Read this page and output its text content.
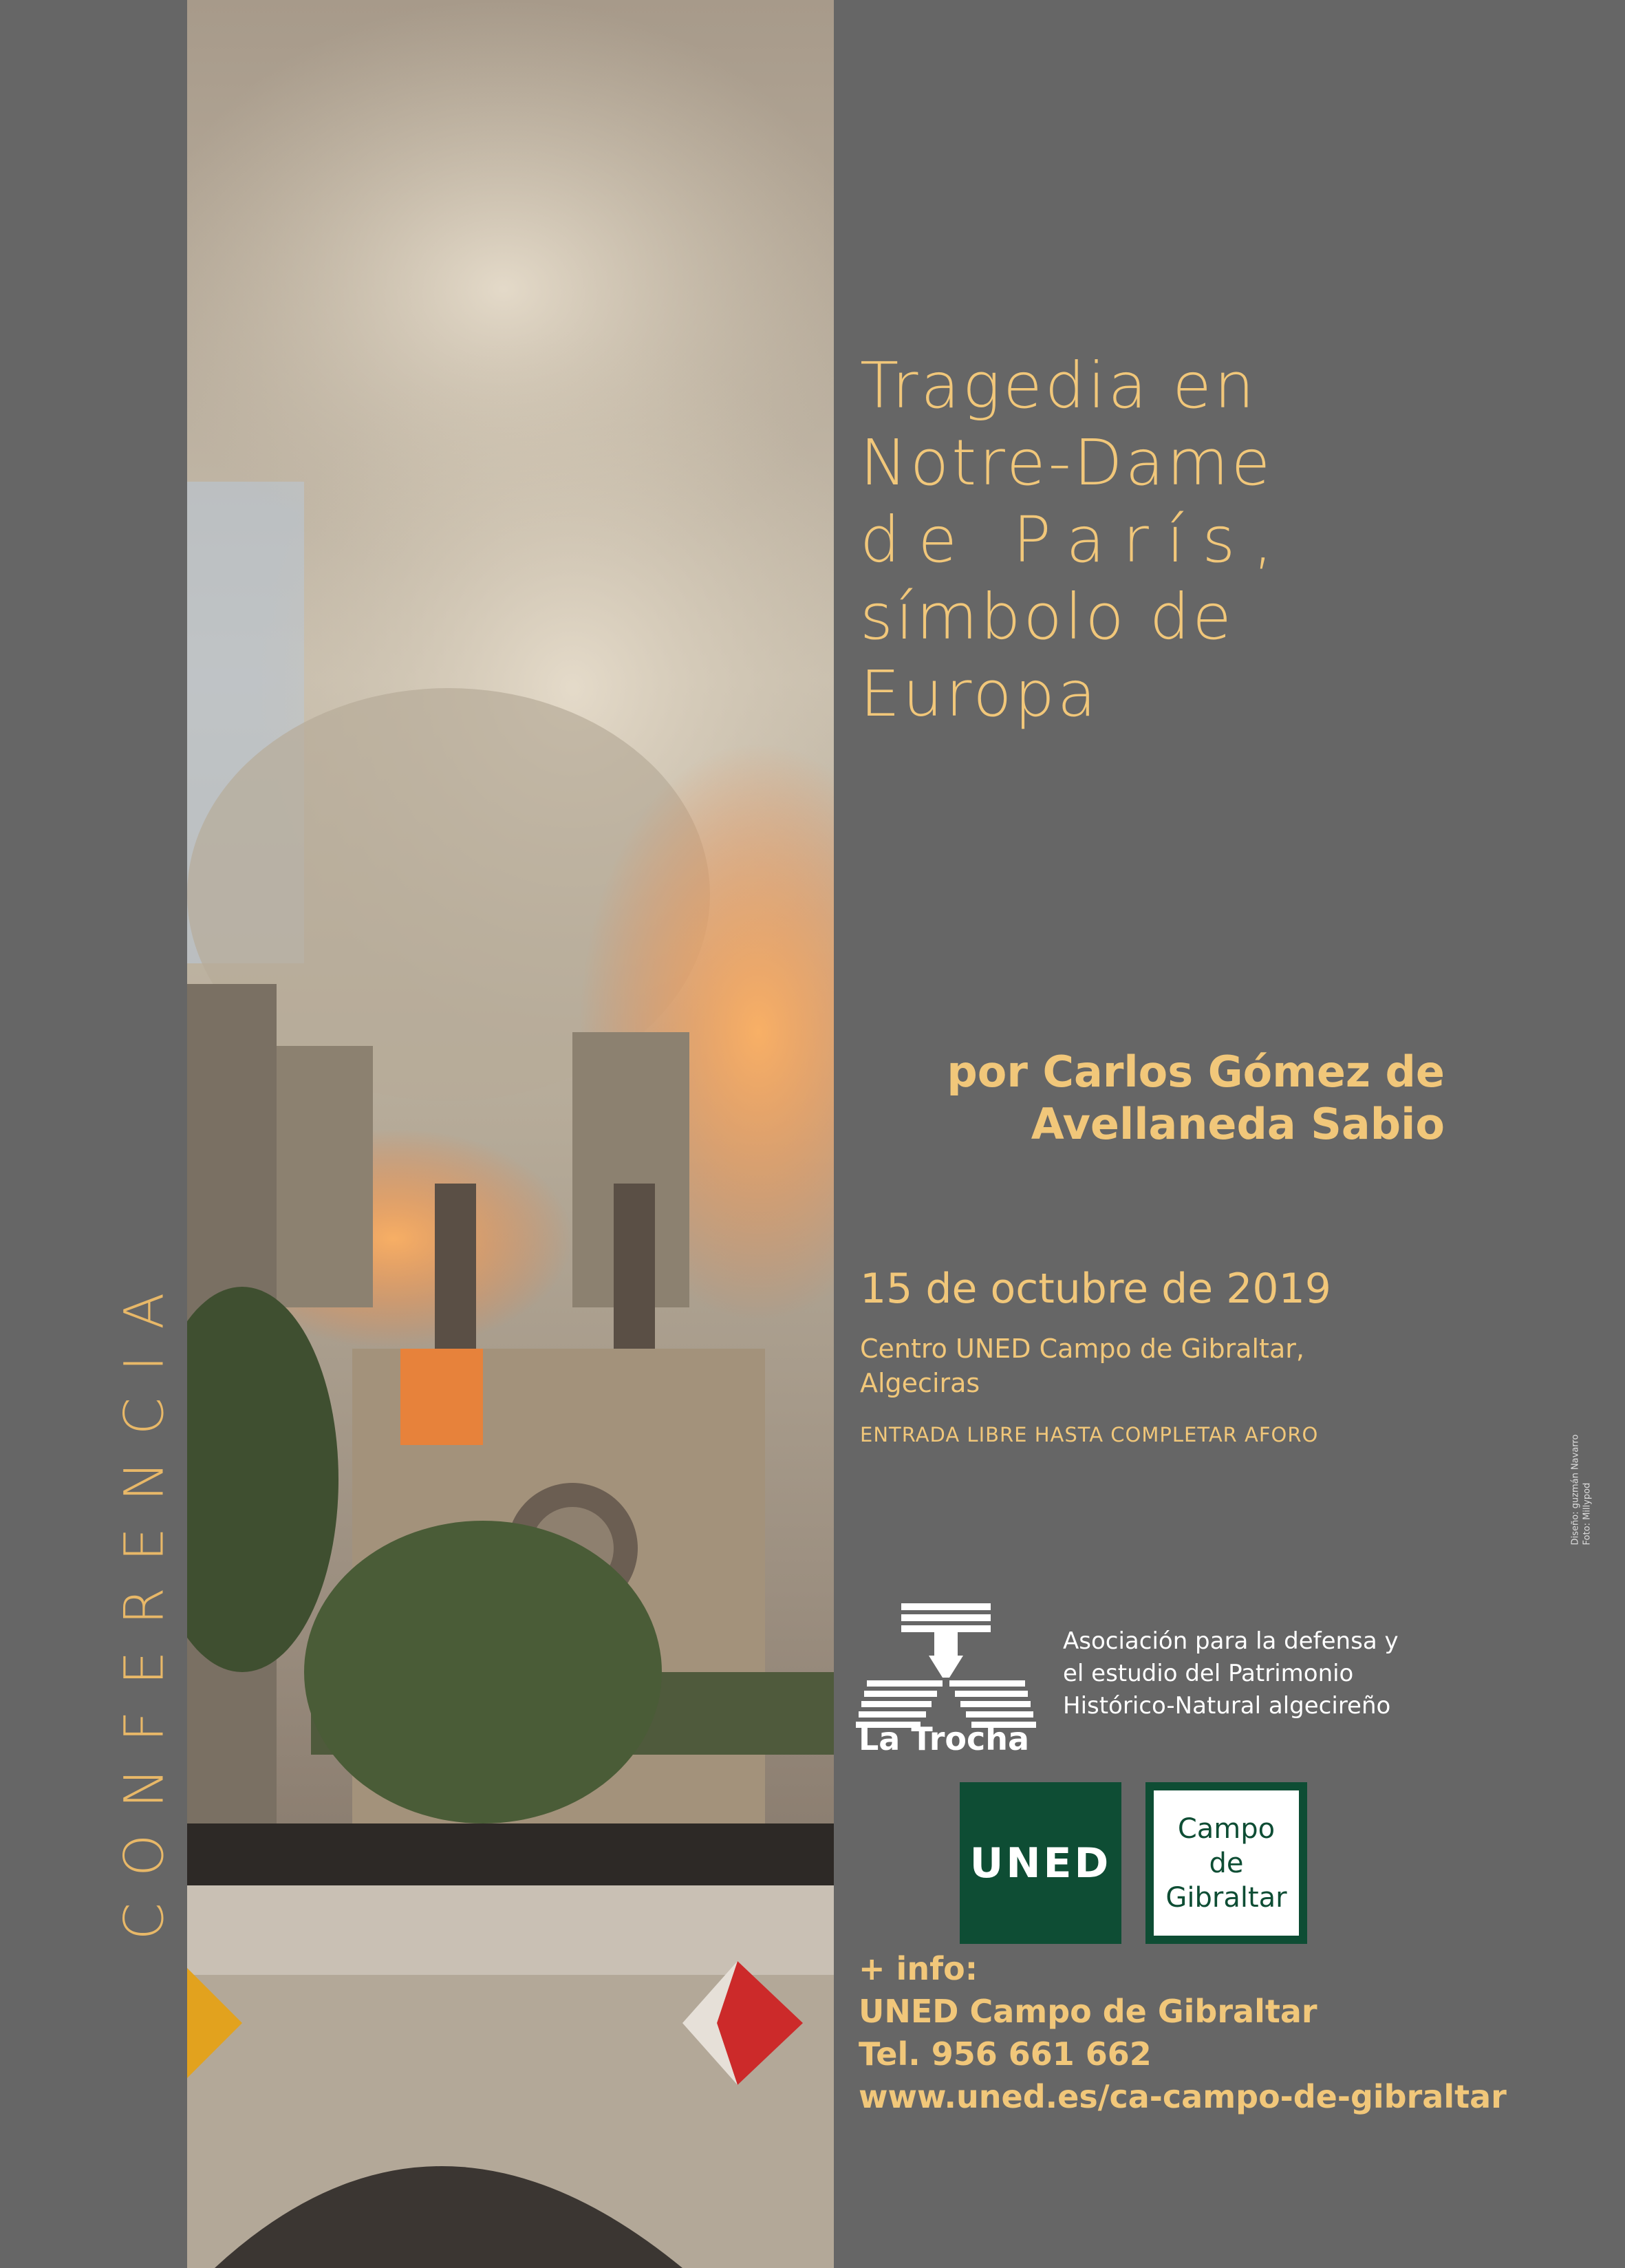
CONFERENCIA
Tragedia en
Notre-Dame
de París,
símbolo de
Europa
por Carlos Gómez de
Avellaneda Sabio
15 de octubre de 2019
Centro UNED Campo de Gibraltar,
Algeciras
ENTRADA LIBRE HASTA COMPLETAR AFORO	Diseño: guzmán Navarro Foto: Millypod
La Trocha
Asociación para la defensa y
el estudio del Patrimonio
Histórico-Natural algecireño
UNED
Campo
de
Gibraltar
+ info:
UNED Campo de Gibraltar
Tel. 956 661 662
www.uned.es/ca-campo-de-gibraltar
